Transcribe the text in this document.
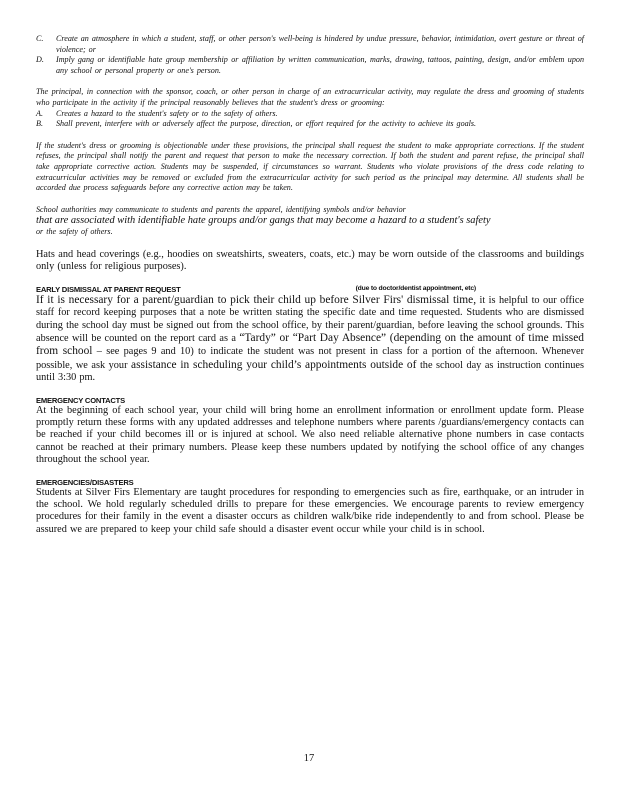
C.	Create an atmosphere in which a student, staff, or other person's well-being is hindered by undue pressure, behavior, intimidation, overt gesture or threat of violence; or
D.	Imply gang or identifiable hate group membership or affiliation by written communication, marks, drawing, tattoos, painting, design, and/or emblem upon any school or personal property or one's person.

The principal, in connection with the sponsor, coach, or other person in charge of an extracurricular activity, may regulate the dress and grooming of students who participate in the activity if the principal reasonably believes that the student's dress or grooming:

A.	Creates a hazard to the student's safety or to the safety of others.
B.	Shall prevent, interfere with or adversely affect the purpose, direction, or effort required for the activity to achieve its goals.

If the student's dress or grooming is objectionable under these provisions, the principal shall request the student to make appropriate corrections. If the student refuses, the principal shall notify the parent and request that person to make the necessary correction. If both the student and parent refuse, the principal shall take appropriate corrective action. Students may be suspended, if circumstances so warrant. Students who violate provisions of the dress code relating to extracurricular activities may be removed or excluded from the extracurricular activity for such period as the principal may determine. All students shall be accorded due process safeguards before any corrective action may be taken.

School authorities may communicate to students and parents the apparel, identifying symbols and/or behavior

that are associated with identifiable hate groups and/or gangs that may become a hazard to a student's safety

or the safety of others.

Hats and head coverings (e.g., hoodies on sweatshirts, sweaters, coats, etc.) may be worn outside of the classrooms and buildings only (unless for religious purposes).

EARLY DISMISSAL AT PARENT REQUEST	(due to doctor/dentist appointment, etc)

If it is necessary for a parent/guardian to pick their child up before Silver Firs' dismissal time, it is helpful to our office staff for record keeping purposes that a note be written stating the specific date and time requested. Students who are dismissed during the school day must be signed out from the school office, by their parent/guardian, before leaving the school grounds. This absence will be counted on the report card as a “Tardy” or “Part Day Absence” (depending on the amount of time missed from school – see pages 9 and 10) to indicate the student was not present in class for a portion of the afternoon. Whenever possible, we ask your assistance in scheduling your child’s appointments outside of the school day as instruction continues until 3:30 pm.

EMERGENCY CONTACTS

At the beginning of each school year, your child will bring home an enrollment information or enrollment update form. Please promptly return these forms with any updated addresses and telephone numbers where parents /guardians/emergency contacts can be reached if your child becomes ill or is injured at school. We also need reliable alternative phone numbers in case contacts cannot be reached at their primary numbers. Please keep these numbers updated by notifying the school office of any changes throughout the school year.

EMERGENCIES/DISASTERS

Students at Silver Firs Elementary are taught procedures for responding to emergencies such as fire, earthquake, or an intruder in the school. We hold regularly scheduled drills to prepare for these emergencies. We encourage parents to review emergency procedures for their family in the event a disaster occurs as children walk/bike ride independently to and from school. Please be assured we are prepared to keep your child safe should a disaster event occur while your child is in school.

17
